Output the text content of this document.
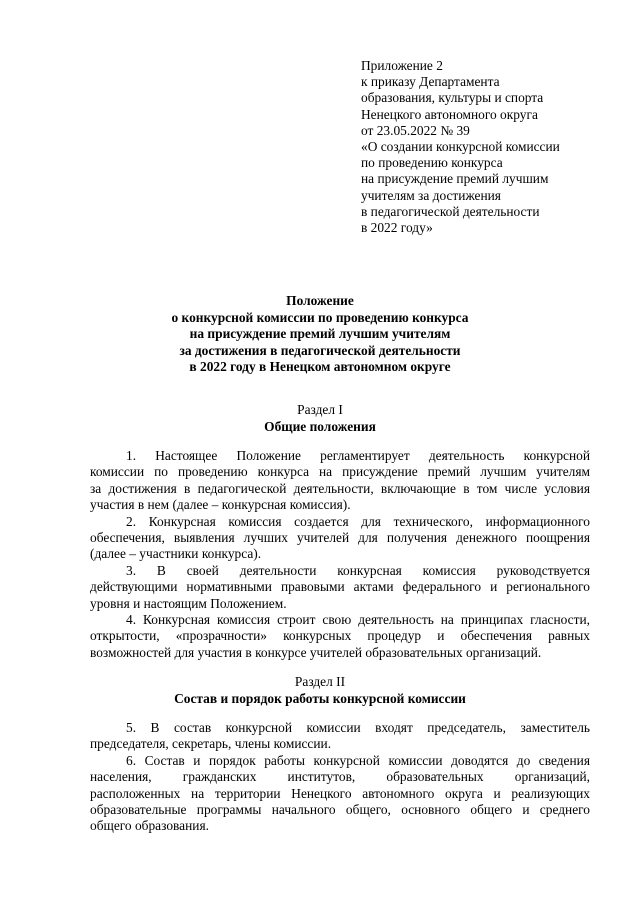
Приложение 2
к приказу Департамента
образования, культуры и спорта
Ненецкого автономного округа
от 23.05.2022 № 39
«О создании конкурсной комиссии
по проведению конкурса
на присуждение премий лучшим
учителям за достижения
в педагогической деятельности
в 2022 году»
Положение
о конкурсной комиссии по проведению конкурса
на присуждение премий лучшим учителям
за достижения в педагогической деятельности
в 2022 году в Ненецком автономном округе
Раздел I
Общие положения
1. Настоящее Положение регламентирует деятельность конкурсной
комиссии по проведению конкурса на присуждение премий лучшим учителям
за достижения в педагогической деятельности, включающие в том числе условия
участия в нем (далее – конкурсная комиссия).
2. Конкурсная комиссия создается для технического, информационного
обеспечения, выявления лучших учителей для получения денежного поощрения
(далее – участники конкурса).
3. В своей деятельности конкурсная комиссия руководствуется
действующими нормативными правовыми актами федерального и регионального
уровня и настоящим Положением.
4. Конкурсная комиссия строит свою деятельность на принципах гласности,
открытости, «прозрачности» конкурсных процедур и обеспечения равных
возможностей для участия в конкурсе учителей образовательных организаций.
Раздел II
Состав и порядок работы конкурсной комиссии
5. В состав конкурсной комиссии входят председатель, заместитель
председателя, секретарь, члены комиссии.
6. Состав и порядок работы конкурсной комиссии доводятся до сведения
населения, гражданских институтов, образовательных организаций,
расположенных на территории Ненецкого автономного округа и реализующих
образовательные программы начального общего, основного общего и среднего
общего образования.
